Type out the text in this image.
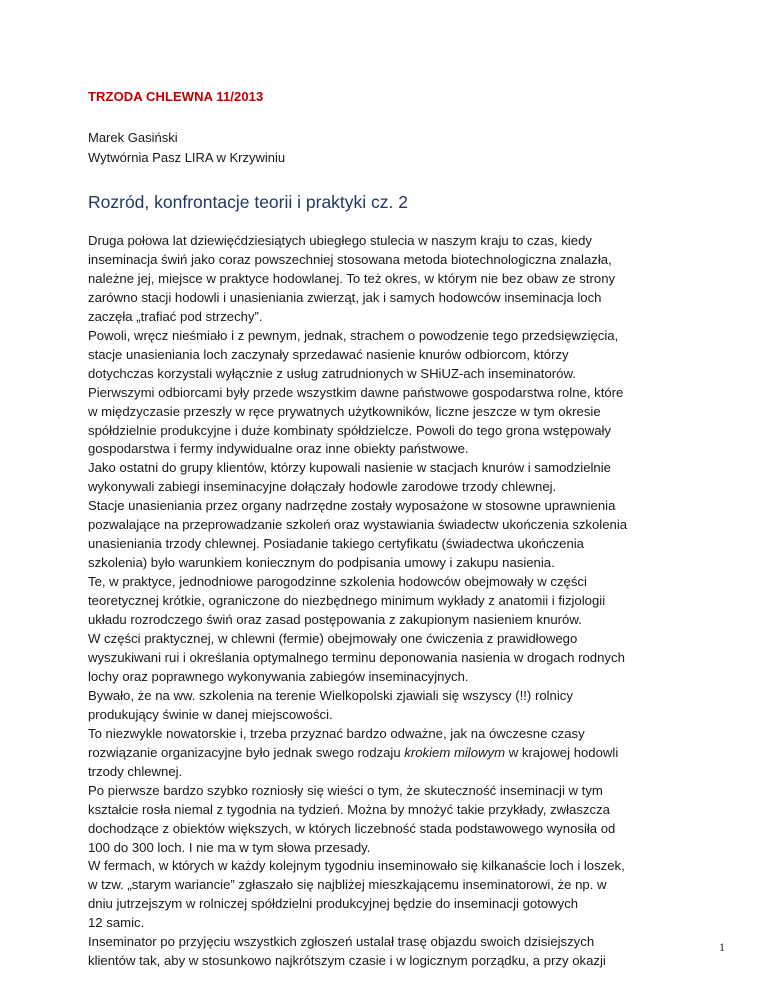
TRZODA CHLEWNA 11/2013

Marek Gasiński

Wytwórnia Pasz LIRA w Krzywiniu

Rozród, konfrontacje teorii i praktyki cz. 2

Druga połowa lat dziewięćdziesiątych ubiegłego stulecia w naszym kraju to czas, kiedy
inseminacja świń jako coraz powszechniej stosowana metoda biotechnologiczna znalazła,
należne jej, miejsce w praktyce hodowlanej. To też okres, w którym nie bez obaw ze strony
zarówno stacji hodowli i unasieniania zwierząt, jak i samych hodowców inseminacja loch
zaczęła „trafiać pod strzechy”.

Powoli, wręcz nieśmiało i z pewnym, jednak, strachem o powodzenie tego przedsięwzięcia,
stacje unasieniania loch zaczynały sprzedawać nasienie knurów odbiorcom, którzy
dotychczas korzystali wyłącznie z usług zatrudnionych w SHiUZ-ach inseminatorów.

Pierwszymi odbiorcami były przede wszystkim dawne państwowe gospodarstwa rolne, które
w międzyczasie przeszły w ręce prywatnych użytkowników, liczne jeszcze w tym okresie
spółdzielnie produkcyjne i duże kombinaty spółdzielcze. Powoli do tego grona wstępowały
gospodarstwa i fermy indywidualne oraz inne obiekty państwowe.

Jako ostatni do grupy klientów, którzy kupowali nasienie w stacjach knurów i samodzielnie
wykonywali zabiegi inseminacyjne dołączały hodowle zarodowe trzody chlewnej.

Stacje unasieniania przez organy nadrzędne zostały wyposażone w stosowne uprawnienia
pozwalające na przeprowadzanie szkoleń oraz wystawiania świadectw ukończenia szkolenia
unasieniania trzody chlewnej. Posiadanie takiego certyfikatu (świadectwa ukończenia
szkolenia) było warunkiem koniecznym do podpisania umowy i zakupu nasienia.

Te, w praktyce, jednodniowe parogodzinne szkolenia hodowców obejmowały w części
teoretycznej krótkie, ograniczone do niezbędnego minimum wykłady z anatomii i fizjologii
układu rozrodczego świń oraz zasad postępowania z zakupionym nasieniem knurów.

W części praktycznej, w chlewni (fermie) obejmowały one ćwiczenia z prawidłowego
wyszukiwani rui i określania optymalnego terminu deponowania nasienia w drogach rodnych
lochy oraz poprawnego wykonywania zabiegów inseminacyjnych.

Bywało, że na ww. szkolenia na terenie Wielkopolski zjawiali się wszyscy (!!) rolnicy
produkujący świnie w danej miejscowości.

To niezwykle nowatorskie i, trzeba przyznać bardzo odważne, jak na ówczesne czasy
rozwiązanie organizacyjne było jednak swego rodzaju krokiem milowym w krajowej hodowli
trzody chlewnej.

Po pierwsze bardzo szybko rozniosły się wieści o tym, że skuteczność inseminacji w tym
kształcie rosła niemal z tygodnia na tydzień. Można by mnożyć takie przykłady, zwłaszcza
dochodzące z obiektów większych, w których liczebność stada podstawowego wynosiła od
100 do 300 loch. I nie ma w tym słowa przesady.

W fermach, w których w każdy kolejnym tygodniu inseminowało się kilkanaście loch i loszek,
w tzw. „starym wariancie” zgłaszało się najbliżej mieszkającemu inseminatorowi, że np. w
dniu jutrzejszym w rolniczej spółdzielni produkcyjnej będzie do inseminacji gotowych
12 samic.

Inseminator po przyjęciu wszystkich zgłoszeń ustalał trasę objazdu swoich dzisiejszych
klientów tak, aby w stosunkowo najkrótszym czasie i w logicznym porządku, a przy okazji

1
